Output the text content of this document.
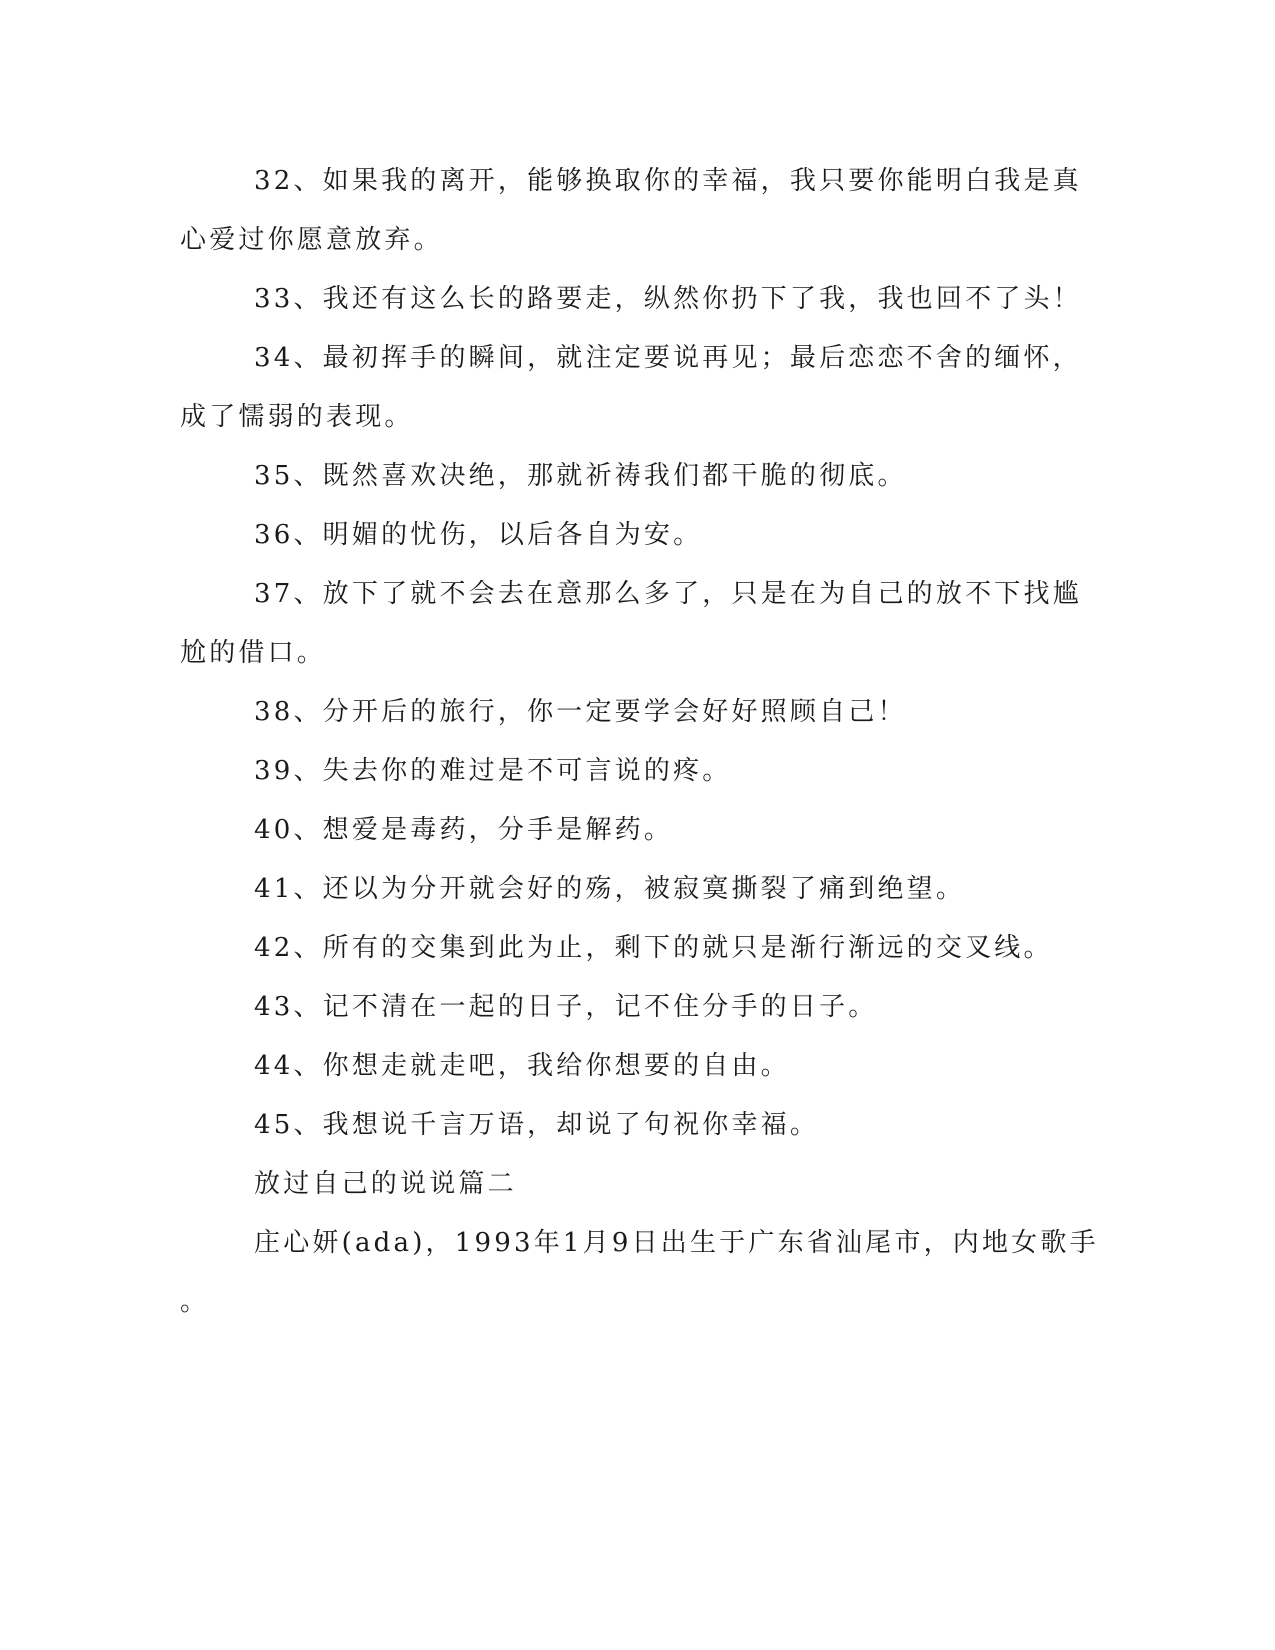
32、如果我的离开，能够换取你的幸福，我只要你能明白我是真

心爱过你愿意放弃。

33、我还有这么长的路要走，纵然你扔下了我，我也回不了头！

34、最初挥手的瞬间，就注定要说再见；最后恋恋不舍的缅怀，

成了懦弱的表现。

35、既然喜欢决绝，那就祈祷我们都干脆的彻底。

36、明媚的忧伤，以后各自为安。

37、放下了就不会去在意那么多了，只是在为自己的放不下找尴

尬的借口。

38、分开后的旅行，你一定要学会好好照顾自己！

39、失去你的难过是不可言说的疼。

40、想爱是毒药，分手是解药。

41、还以为分开就会好的殇，被寂寞撕裂了痛到绝望。

42、所有的交集到此为止，剩下的就只是渐行渐远的交叉线。

43、记不清在一起的日子，记不住分手的日子。

44、你想走就走吧，我给你想要的自由。

45、我想说千言万语，却说了句祝你幸福。

放过自己的说说篇二

庄心妍(ada)，1993年1月9日出生于广东省汕尾市，内地女歌手

。
